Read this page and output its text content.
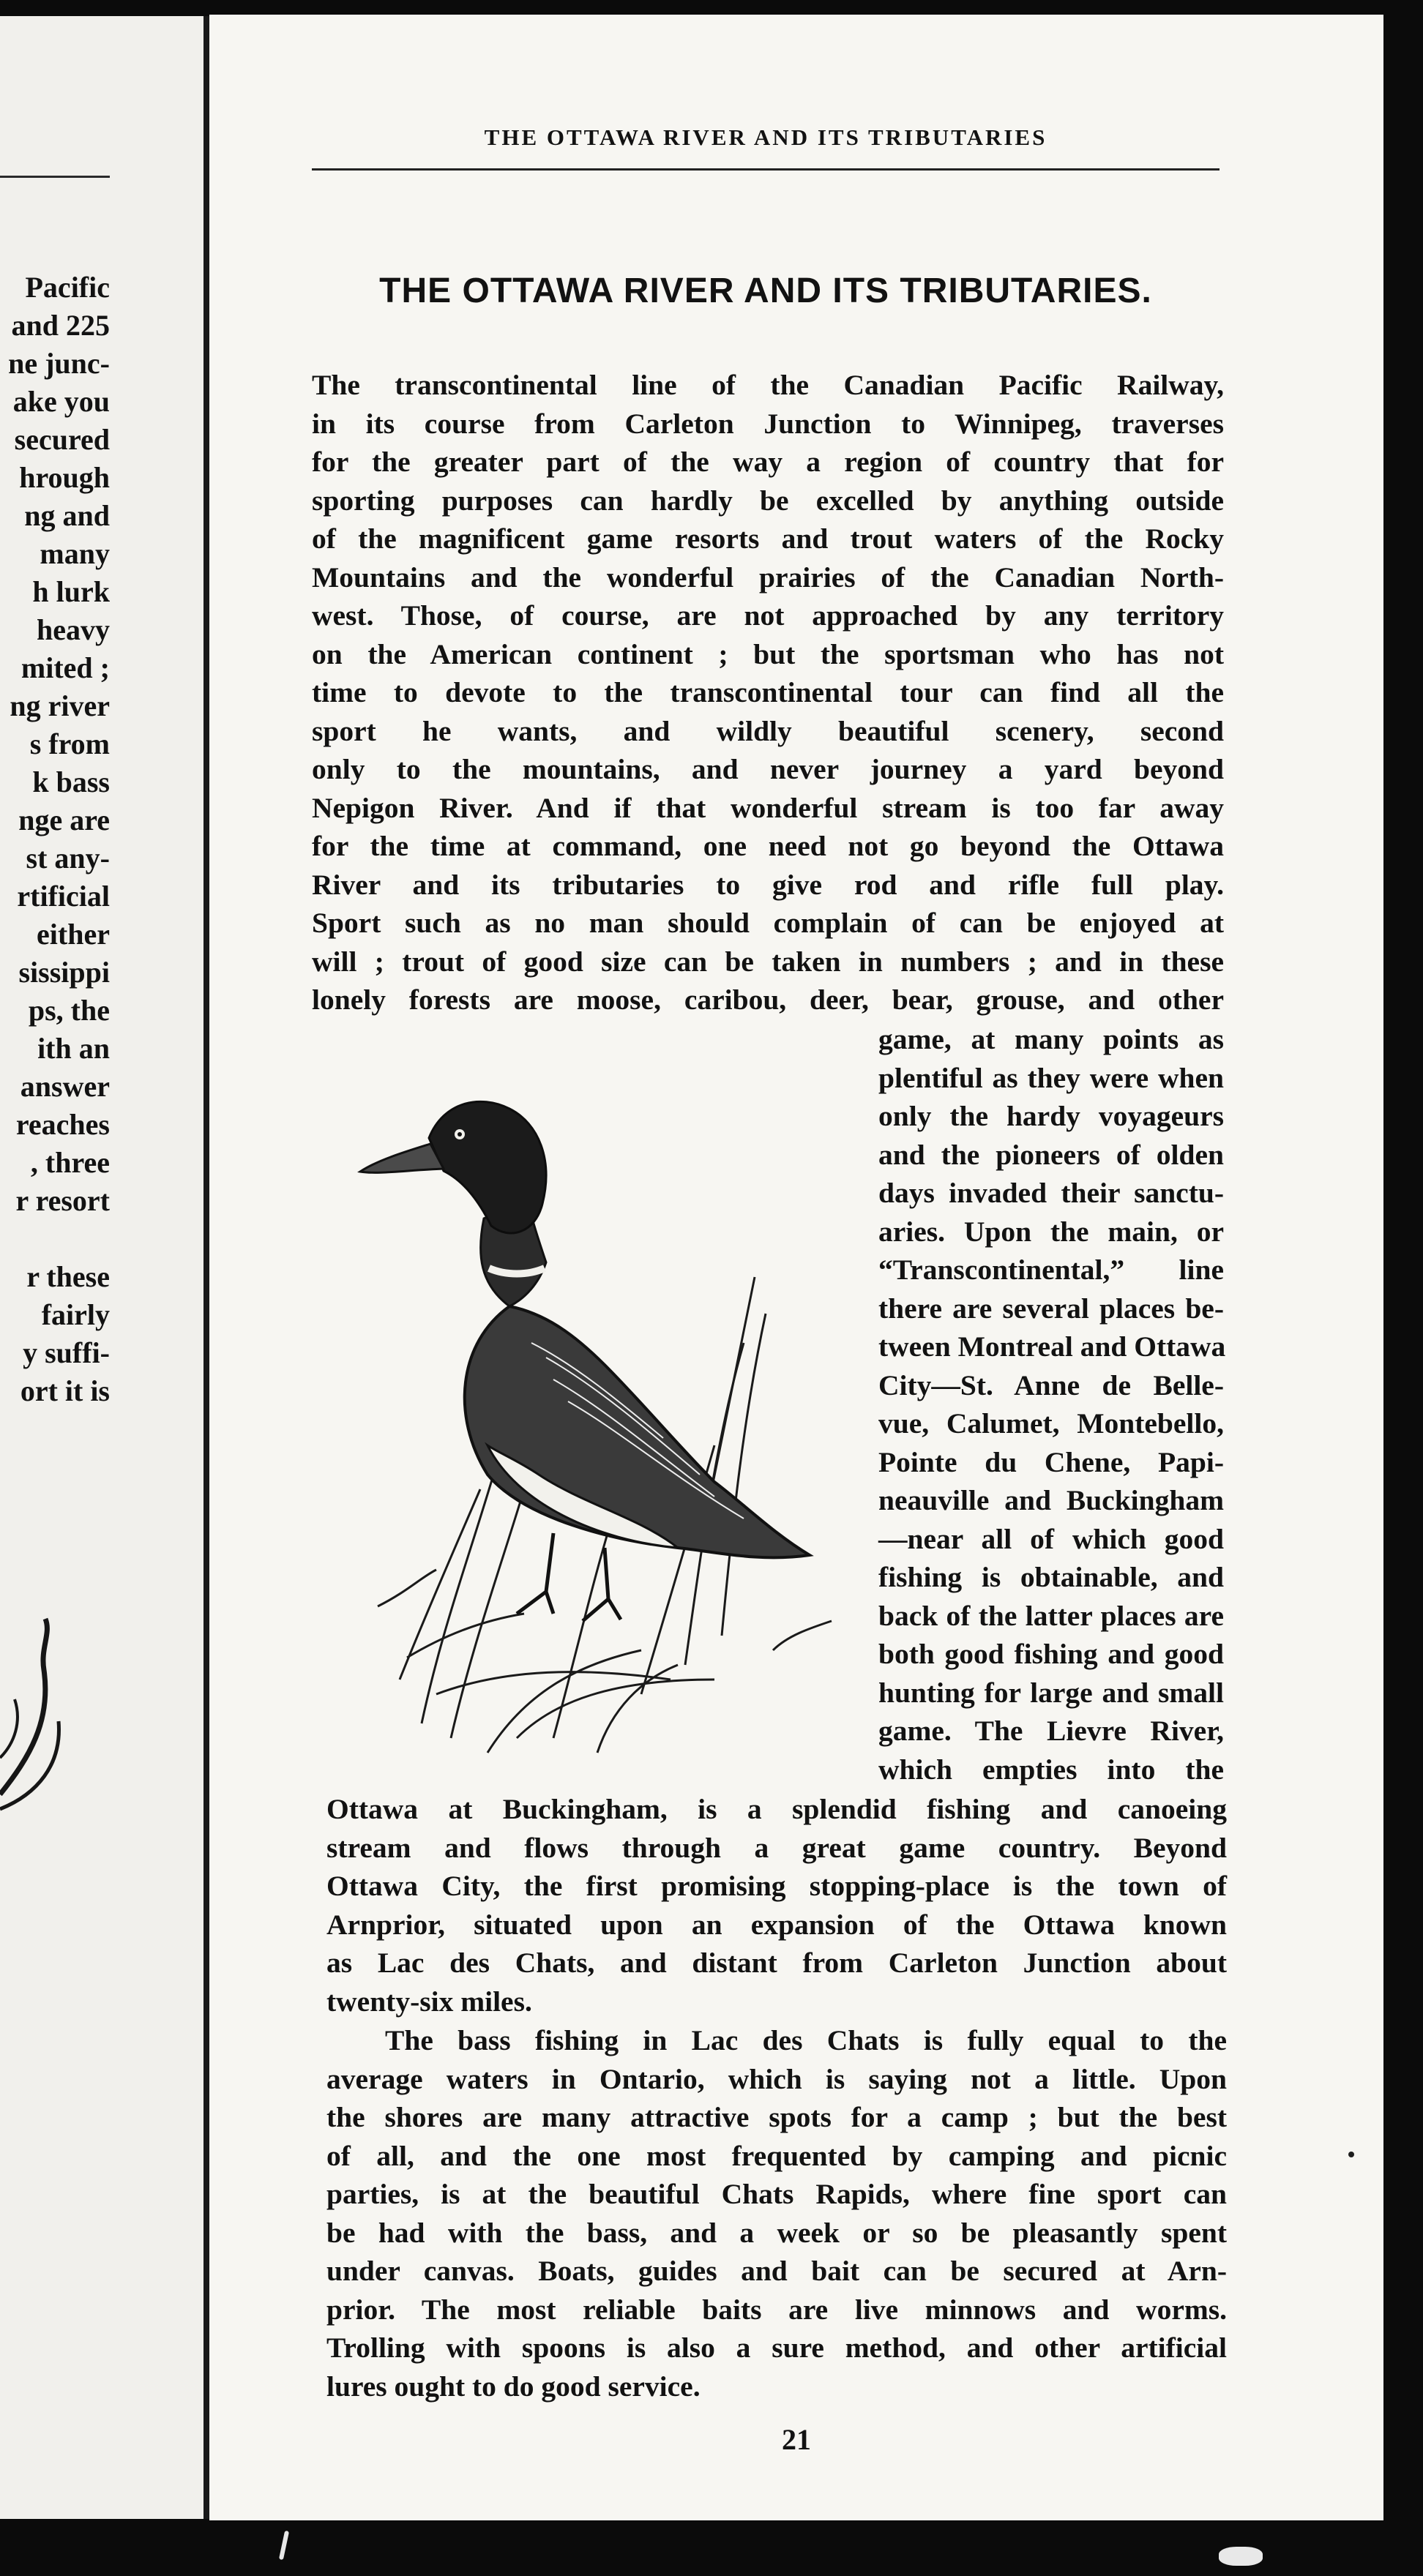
Pacific
and 225
ne junc-
ake you
secured
hrough
ng and
many
h lurk
heavy
mited ;
ng river
s from
k bass
nge are
st any-
rtificial
either
sissippi
ps, the
ith an
answer
reaches
, three
r resort
r these
fairly
y suffi-
ort it is
THE OTTAWA RIVER AND ITS TRIBUTARIES
THE OTTAWA RIVER AND ITS TRIBUTARIES.
The transcontinental line of the Canadian Pacific Railway,
in its course from Carleton Junction to Winnipeg, traverses
for the greater part of the way a region of country that for
sporting purposes can hardly be excelled by anything outside
of the magnificent game resorts and trout waters of the Rocky
Mountains and the wonderful prairies of the Canadian North-
west. Those, of course, are not approached by any territory
on the American continent ; but the sportsman who has not
time to devote to the transcontinental tour can find all the
sport he wants, and wildly beautiful scenery, second
only to the mountains, and never journey a yard beyond
Nepigon River. And if that wonderful stream is too far away
for the time at command, one need not go beyond the Ottawa
River and its tributaries to give rod and rifle full play.
Sport such as no man should complain of can be enjoyed at
will ; trout of good size can be taken in numbers ; and in these
lonely forests are moose, caribou, deer, bear, grouse, and other
game, at many points as
plentiful as they were when
only the hardy voyageurs
and the pioneers of olden
days invaded their sanctu-
aries. Upon the main, or
“Transcontinental,” line
there are several places be-
tween Montreal and Ottawa
City—St. Anne de Belle-
vue, Calumet, Montebello,
Pointe du Chene, Papi-
neauville and Buckingham
—near all of which good
fishing is obtainable, and
back of the latter places are
both good fishing and good
hunting for large and small
game. The Lievre River,
which empties into the
Ottawa at Buckingham, is a splendid fishing and canoeing
stream and flows through a great game country. Beyond
Ottawa City, the first promising stopping-place is the town of
Arnprior, situated upon an expansion of the Ottawa known
as Lac des Chats, and distant from Carleton Junction about
twenty-six miles.
The bass fishing in Lac des Chats is fully equal to the
average waters in Ontario, which is saying not a little. Upon
the shores are many attractive spots for a camp ; but the best
of all, and the one most frequented by camping and picnic
parties, is at the beautiful Chats Rapids, where fine sport can
be had with the bass, and a week or so be pleasantly spent
under canvas. Boats, guides and bait can be secured at Arn-
prior. The most reliable baits are live minnows and worms.
Trolling with spoons is also a sure method, and other artificial
lures ought to do good service.
21
